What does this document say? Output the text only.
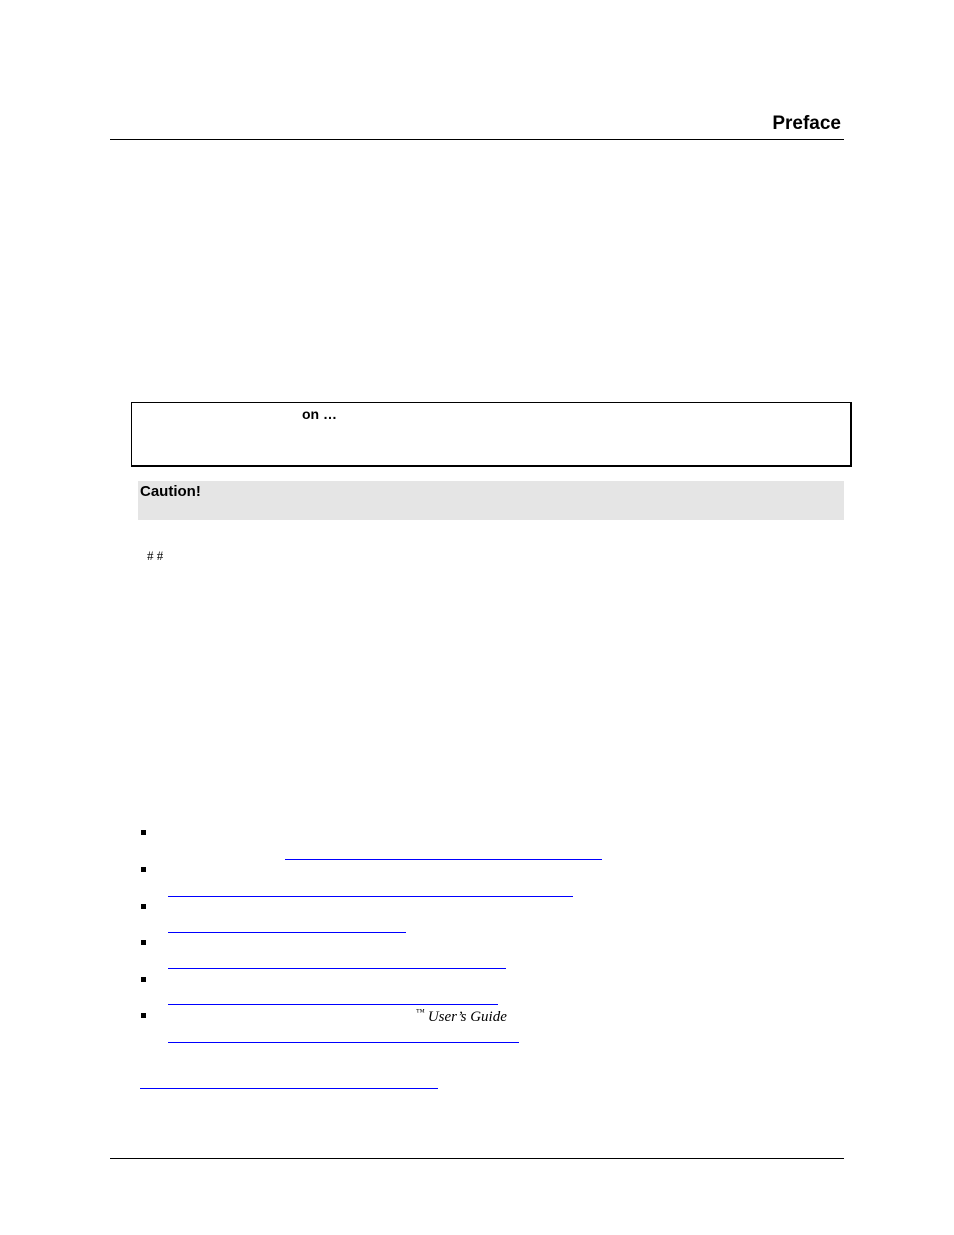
Preface
on …
Caution!
# #
™ User’s Guide
